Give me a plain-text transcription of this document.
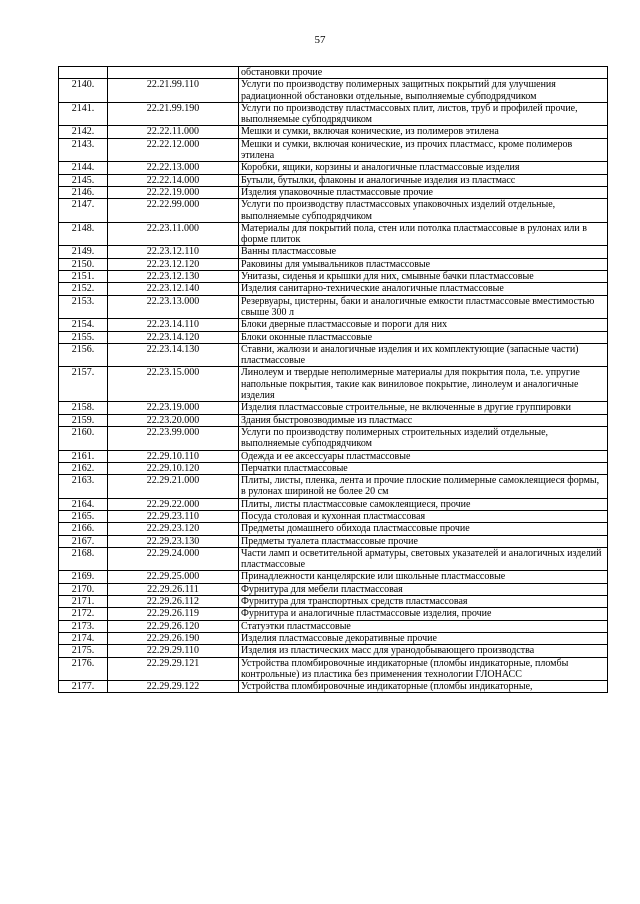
57
		обстановки прочие
2140.	22.21.99.110	Услуги по производству полимерных защитных покрытий для улучшения радиационной обстановки отдельные, выполняемые субподрядчиком
2141.	22.21.99.190	Услуги по производству пластмассовых плит, листов, труб и профилей прочие, выполняемые субподрядчиком
2142.	22.22.11.000	Мешки и сумки, включая конические, из полимеров этилена
2143.	22.22.12.000	Мешки и сумки, включая конические, из прочих пластмасс, кроме полимеров этилена
2144.	22.22.13.000	Коробки, ящики, корзины и аналогичные пластмассовые изделия
2145.	22.22.14.000	Бутыли, бутылки, флаконы и аналогичные изделия из пластмасс
2146.	22.22.19.000	Изделия упаковочные пластмассовые прочие
2147.	22.22.99.000	Услуги по производству пластмассовых упаковочных изделий отдельные, выполняемые субподрядчиком
2148.	22.23.11.000	Материалы для покрытий пола, стен или потолка пластмассовые в рулонах или в форме плиток
2149.	22.23.12.110	Ванны пластмассовые
2150.	22.23.12.120	Раковины для умывальников пластмассовые
2151.	22.23.12.130	Унитазы, сиденья и крышки для них, смывные бачки пластмассовые
2152.	22.23.12.140	Изделия санитарно-технические аналогичные пластмассовые
2153.	22.23.13.000	Резервуары, цистерны, баки и аналогичные емкости пластмассовые вместимостью свыше 300 л
2154.	22.23.14.110	Блоки дверные пластмассовые и пороги для них
2155.	22.23.14.120	Блоки оконные пластмассовые
2156.	22.23.14.130	Ставни, жалюзи и аналогичные изделия и их комплектующие (запасные части) пластмассовые
2157.	22.23.15.000	Линолеум и твердые неполимерные материалы для покрытия пола, т.е. упругие напольные покрытия, такие как виниловое покрытие, линолеум и аналогичные изделия
2158.	22.23.19.000	Изделия пластмассовые строительные, не включенные в другие группировки
2159.	22.23.20.000	Здания быстровозводимые из пластмасс
2160.	22.23.99.000	Услуги по производству полимерных строительных изделий отдельные, выполняемые субподрядчиком
2161.	22.29.10.110	Одежда и ее аксессуары пластмассовые
2162.	22.29.10.120	Перчатки пластмассовые
2163.	22.29.21.000	Плиты, листы, пленка, лента и прочие плоские полимерные самоклеящиеся формы, в рулонах шириной не более 20 см
2164.	22.29.22.000	Плиты, листы пластмассовые самоклеящиеся, прочие
2165.	22.29.23.110	Посуда столовая и кухонная пластмассовая
2166.	22.29.23.120	Предметы домашнего обихода пластмассовые прочие
2167.	22.29.23.130	Предметы туалета пластмассовые прочие
2168.	22.29.24.000	Части ламп и осветительной арматуры, световых указателей и аналогичных изделий пластмассовые
2169.	22.29.25.000	Принадлежности канцелярские или школьные пластмассовые
2170.	22.29.26.111	Фурнитура для мебели пластмассовая
2171.	22.29.26.112	Фурнитура для транспортных средств пластмассовая
2172.	22.29.26.119	Фурнитура и аналогичные пластмассовые изделия, прочие
2173.	22.29.26.120	Статуэтки пластмассовые
2174.	22.29.26.190	Изделия пластмассовые декоративные прочие
2175.	22.29.29.110	Изделия из пластических масс для уранодобывающего производства
2176.	22.29.29.121	Устройства пломбировочные индикаторные (пломбы индикаторные, пломбы контрольные) из пластика без применения технологии ГЛОНАСС
2177.	22.29.29.122	Устройства пломбировочные индикаторные (пломбы индикаторные,
